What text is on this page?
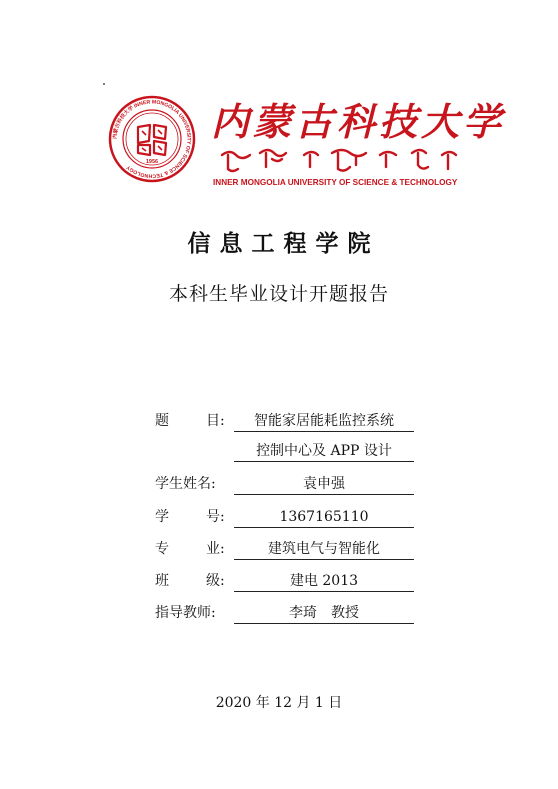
内蒙古科技大学 INNER MONGOLIA UNIVERSITY OF SCIENCE & TECHNOLOGY
1956
内蒙古科技大学
INNER MONGOLIA UNIVERSITY OF SCIENCE & TECHNOLOGY
信息工程学院
本科生毕业设计开题报告
题	目:	智能家居能耗监控系统
控制中心及 APP 设计
学生姓名:	袁申强
学	号:	1367165110
专	业:	建筑电气与智能化
班	级:	建电 2013
指导教师:	李琦　教授
2020 年 12 月 1 日
